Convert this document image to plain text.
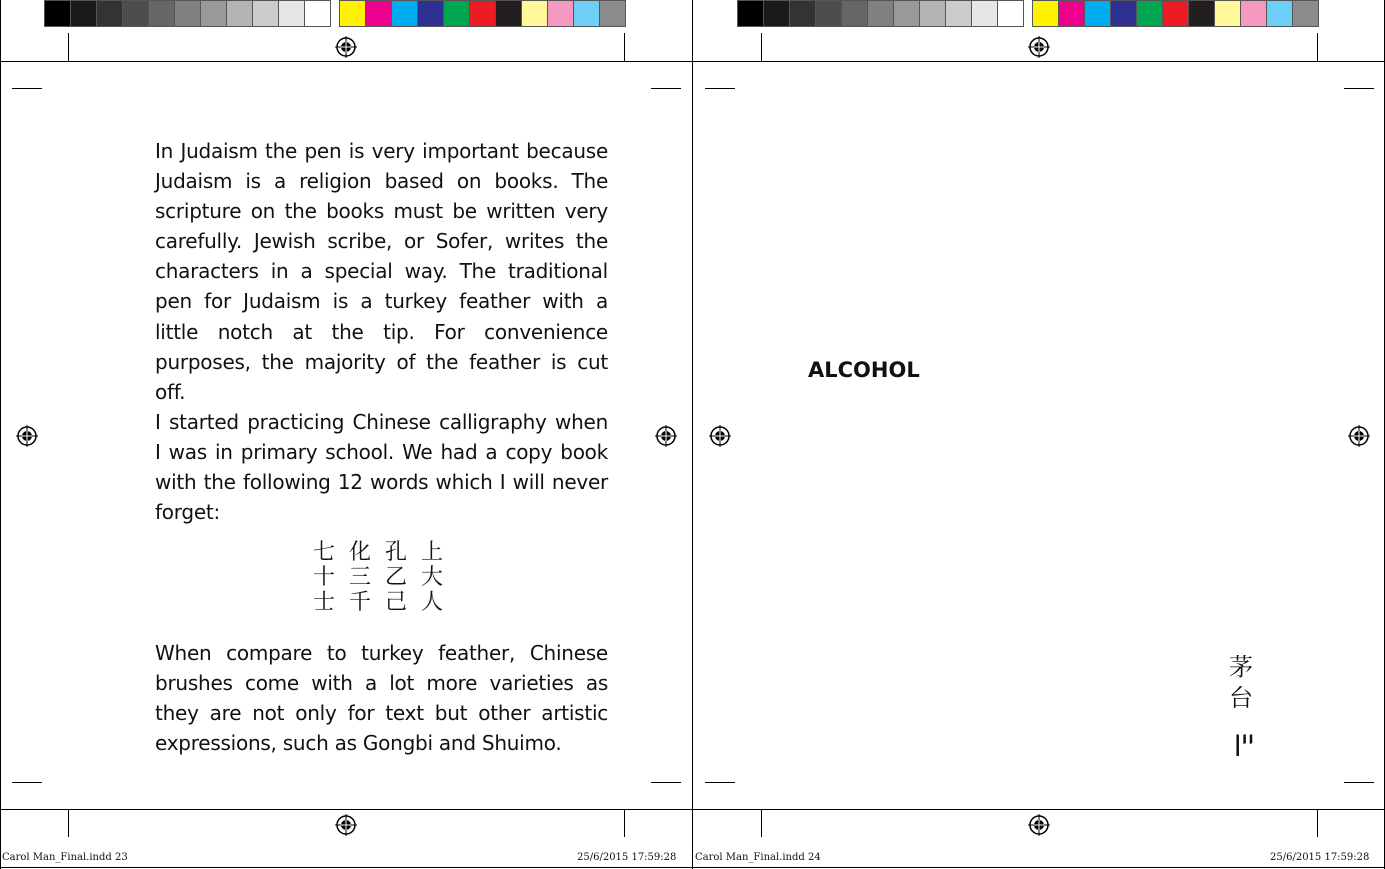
In Judaism the pen is very important because Judaism is a religion based on books. The scripture on the books must be written very carefully. Jewish scribe, or Sofer, writes the characters in a special way. The traditional pen for Judaism is a turkey feather with a little notch at the tip. For convenience purposes, the majority of the feather is cut off.
I started practicing Chinese calligraphy when I was in primary school. We had a copy book with the following 12 words which I will never forget:
七 化 孔 上
十 三 乙 大
士 千 己 人
When compare to turkey feather, Chinese brushes come with a lot more varieties as they are not only for text but other artistic expressions, such as Gongbi and Shuimo.
ALCOHOL
茅
台
יין
Carol Man_Final.indd 23	25/6/2015 17:59:28 Carol Man_Final.indd 24	25/6/2015 17:59:28
